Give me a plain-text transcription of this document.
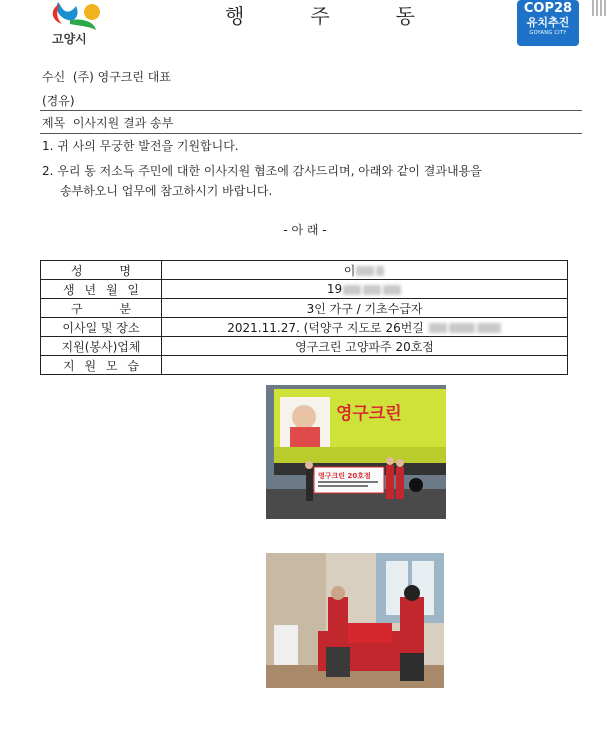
고양시
행	주	동	COP28
유치추진
GOYANG CITY
수신 (주) 영구크린 대표
(경유)
제목 이사지원 결과 송부
1. 귀 사의 무궁한 발전을 기원합니다.
2. 우리 동 저소득 주민에 대한 이사지원 협조에 감사드리며, 아래와 같이 결과내용을
송부하오니 업무에 참고하시기 바랍니다.
- 아 래 -
성 명	이

생 년 월 일	19

구 분	3인 가구 / 기초수급자
이사일 및 장소	2021.11.27. (덕양구 지도로 26번길
지원(봉사)업체	영구크린 고양파주 20호점

지 원 모 습	영구크린
영구크린 20호점
